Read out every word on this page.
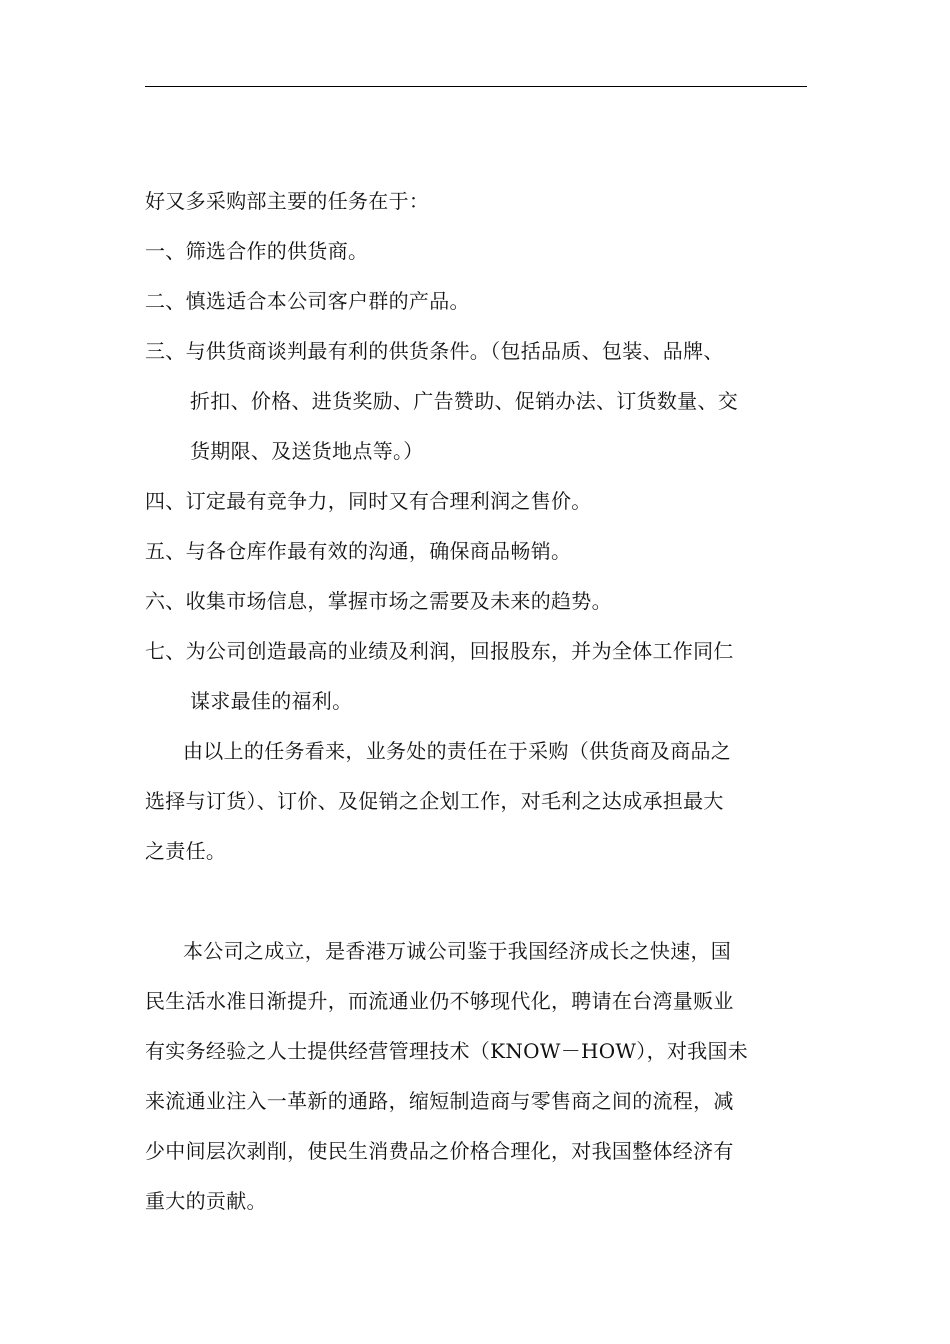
好又多采购部主要的任务在于：
一、筛选合作的供货商。
二、慎选适合本公司客户群的产品。
三、与供货商谈判最有利的供货条件。（包括品质、包装、品牌、
折扣、价格、进货奖励、广告赞助、促销办法、订货数量、交
货期限、及送货地点等。）
四、订定最有竞争力，同时又有合理利润之售价。
五、与各仓库作最有效的沟通，确保商品畅销。
六、收集市场信息，掌握市场之需要及未来的趋势。
七、为公司创造最高的业绩及利润，回报股东，并为全体工作同仁
谋求最佳的福利。
由以上的任务看来，业务处的责任在于采购（供货商及商品之
选择与订货）、订价、及促销之企划工作，对毛利之达成承担最大
之责任。
本公司之成立，是香港万诚公司鉴于我国经济成长之快速，国
民生活水准日渐提升，而流通业仍不够现代化，聘请在台湾量贩业
有实务经验之人士提供经营管理技术（KNOW－HOW），对我国未
来流通业注入一革新的通路，缩短制造商与零售商之间的流程，减
少中间层次剥削，使民生消费品之价格合理化，对我国整体经济有
重大的贡献。
